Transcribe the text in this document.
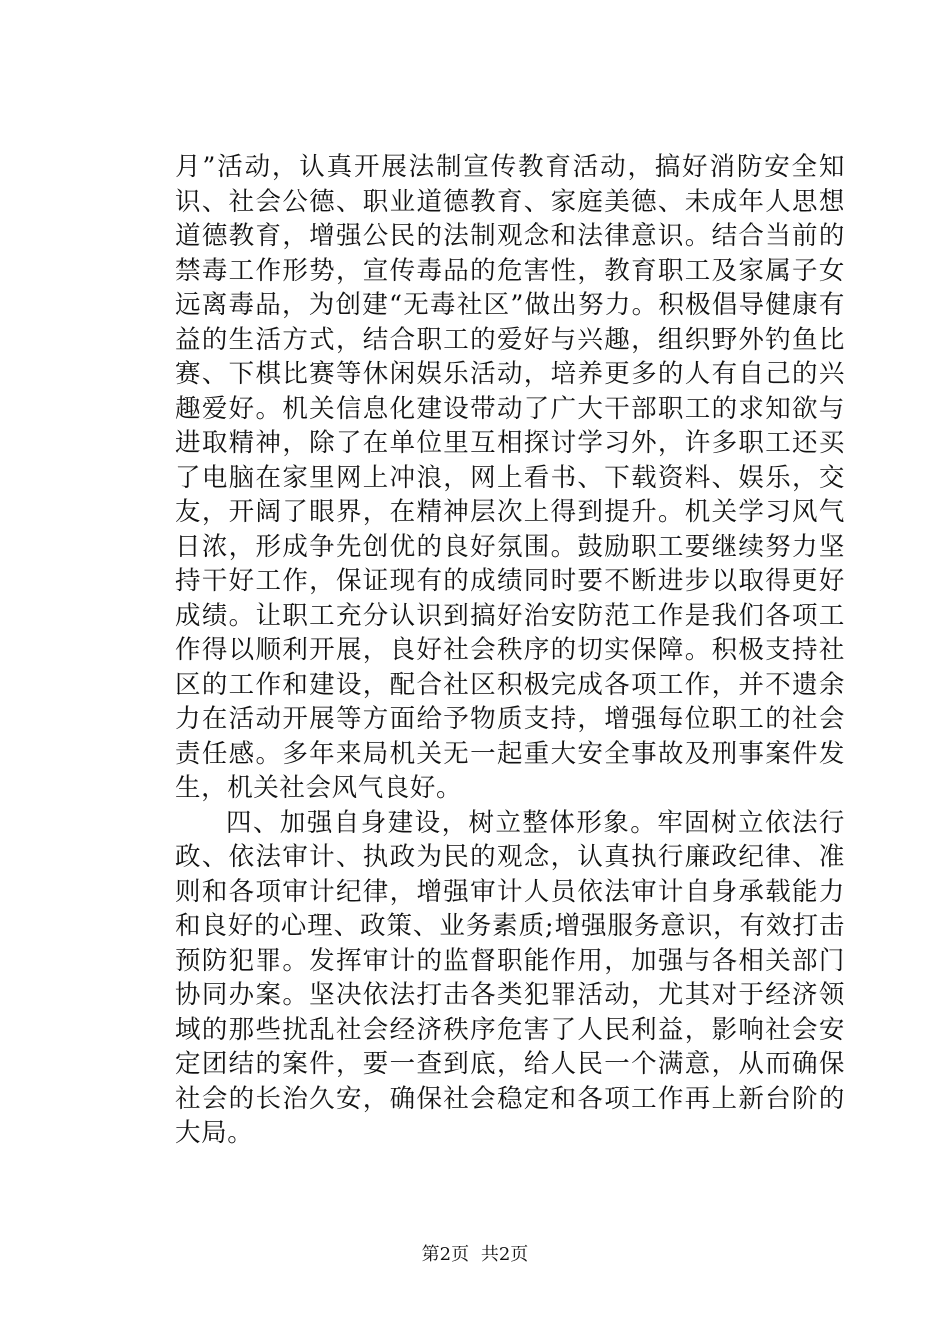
月”活动，认真开展法制宣传教育活动，搞好消防安全知识、社会公德、职业道德教育、家庭美德、未成年人思想道德教育，增强公民的法制观念和法律意识。结合当前的禁毒工作形势，宣传毒品的危害性，教育职工及家属子女远离毒品，为创建“无毒社区”做出努力。积极倡导健康有益的生活方式，结合职工的爱好与兴趣，组织野外钓鱼比赛、下棋比赛等休闲娱乐活动，培养更多的人有自己的兴趣爱好。机关信息化建设带动了广大干部职工的求知欲与进取精神，除了在单位里互相探讨学习外，许多职工还买了电脑在家里网上冲浪，网上看书、下载资料、娱乐，交友，开阔了眼界，在精神层次上得到提升。机关学习风气日浓，形成争先创优的良好氛围。鼓励职工要继续努力坚持干好工作，保证现有的成绩同时要不断进步以取得更好成绩。让职工充分认识到搞好治安防范工作是我们各项工作得以顺利开展，良好社会秩序的切实保障。积极支持社区的工作和建设，配合社区积极完成各项工作，并不遗余力在活动开展等方面给予物质支持，增强每位职工的社会责任感。多年来局机关无一起重大安全事故及刑事案件发生，机关社会风气良好。

四、加强自身建设，树立整体形象。牢固树立依法行政、依法审计、执政为民的观念，认真执行廉政纪律、准则和各项审计纪律，增强审计人员依法审计自身承载能力和良好的心理、政策、业务素质;增强服务意识，有效打击预防犯罪。发挥审计的监督职能作用，加强与各相关部门协同办案。坚决依法打击各类犯罪活动，尤其对于经济领域的那些扰乱社会经济秩序危害了人民利益，影响社会安定团结的案件，要一查到底，给人民一个满意，从而确保社会的长治久安，确保社会稳定和各项工作再上新台阶的大局。

第2页 共2页
